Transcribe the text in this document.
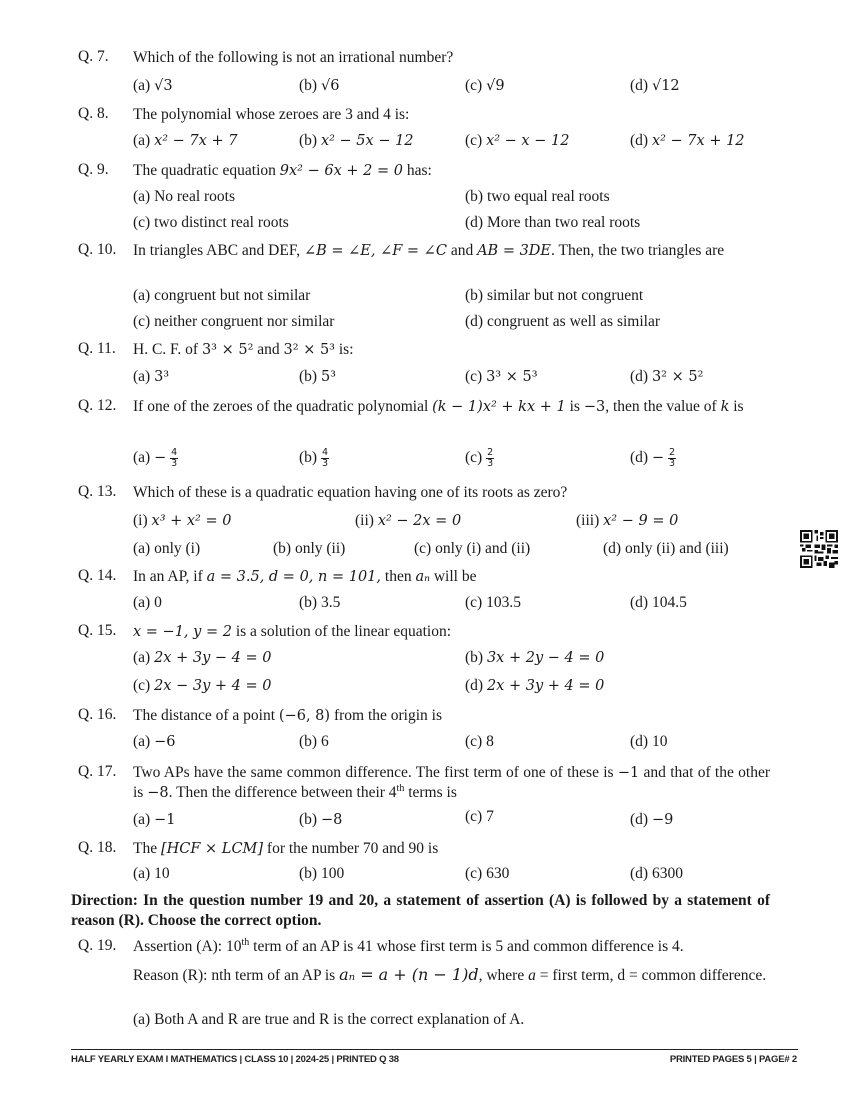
Q. 7.	Which of the following is not an irrational number?
(a) √3	(b) √6	(c) √9	(d) √12
Q. 8.	The polynomial whose zeroes are 3 and 4 is:
(a) x² − 7x + 7	(b) x² − 5x − 12	(c) x² − x − 12	(d) x² − 7x + 12
Q. 9.	The quadratic equation 9x² − 6x + 2 = 0 has:
(a) No real roots	(b) two equal real roots
(c) two distinct real roots	(d) More than two real roots
Q. 10.	In triangles ABC and DEF, ∠B = ∠E, ∠F = ∠C and AB = 3DE. Then, the two triangles are
(a) congruent but not similar	(b) similar but not congruent
(c) neither congruent nor similar	(d) congruent as well as similar
Q. 11.	H. C. F. of 3³ × 5² and 3² × 5³ is:
(a) 3³	(b) 5³	(c) 3³ × 5³	(d) 3² × 5²
Q. 12.	If one of the zeroes of the quadratic polynomial (k − 1)x² + kx + 1 is −3, then the value of k is
$(a) - \frac{4}{3}$	$(b) \frac{4}{3}$	$(c) \frac{2}{3}$	$(d) - \frac{2}{3}$
Q. 13.	Which of these is a quadratic equation having one of its roots as zero?
(i) x³ + x² = 0	(ii) x² − 2x = 0	(iii) x² − 9 = 0
(a) only (i)	(b) only (ii)	(c) only (i) and (ii)	(d) only (ii) and (iii)
Q. 14.	In an AP, if a = 3.5, d = 0, n = 101, then aₙ will be
(a) 0	(b) 3.5	(c) 103.5	(d) 104.5
Q. 15.	x = −1, y = 2 is a solution of the linear equation:
(a) 2x + 3y − 4 = 0	(b) 3x + 2y − 4 = 0
(c) 2x − 3y + 4 = 0	(d) 2x + 3y + 4 = 0
Q. 16.	The distance of a point (−6, 8) from the origin is
(a) −6	(b) 6	(c) 8	(d) 10
Q. 17.	Two APs have the same common difference. The first term of one of these is −1 and that of the other is −8. Then the difference between their 4th terms is
(a) −1	(b) −8	(c) 7	(d) −9
Q. 18.	The [HCF × LCM] for the number 70 and 90 is
(a) 10	(b) 100	(c) 630	(d) 6300
Direction: In the question number 19 and 20, a statement of assertion (A) is followed by a statement of reason (R). Choose the correct option.
Q. 19.	Assertion (A): 10th term of an AP is 41 whose first term is 5 and common difference is 4.
Reason (R): nth term of an AP is aₙ = a + (n − 1)d, where a = first term, d = common difference.
(a) Both A and R are true and R is the correct explanation of A.
HALF YEARLY EXAM I MATHEMATICS | CLASS 10 | 2024-25 | PRINTED Q 38	PRINTED PAGES 5 | PAGE# 2
